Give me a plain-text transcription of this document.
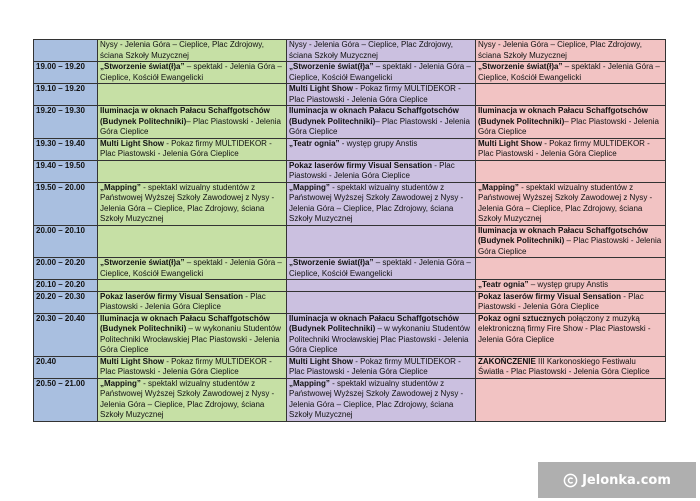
	Nysy - Jelenia Góra – Cieplice, Plac Zdrojowy, ściana Szkoły Muzycznej	Nysy - Jelenia Góra – Cieplice, Plac Zdrojowy, ściana Szkoły Muzycznej	Nysy - Jelenia Góra – Cieplice, Plac Zdrojowy, ściana Szkoły Muzycznej
19.00 – 19.20	„Stworzenie świat(ł)a” – spektakl - Jelenia Góra – Cieplice, Kościół Ewangelicki	„Stworzenie świat(ł)a” – spektakl - Jelenia Góra – Cieplice, Kościół Ewangelicki	„Stworzenie świat(ł)a” – spektakl - Jelenia Góra – Cieplice, Kościół Ewangelicki
19.10 – 19.20		Multi Light Show - Pokaz firmy MULTIDEKOR - Plac Piastowski - Jelenia Góra Cieplice	
19.20 – 19.30	Iluminacja w oknach Pałacu Schaffgotschów (Budynek Politechniki)– Plac Piastowski - Jelenia Góra Cieplice	Iluminacja w oknach Pałacu Schaffgotschów (Budynek Politechniki)– Plac Piastowski - Jelenia Góra Cieplice	Iluminacja w oknach Pałacu Schaffgotschów (Budynek Politechniki)– Plac Piastowski - Jelenia Góra Cieplice
19.30 – 19.40	Multi Light Show - Pokaz firmy MULTIDEKOR - Plac Piastowski - Jelenia Góra Cieplice	„Teatr ognia” - występ grupy Anstis	Multi Light Show - Pokaz firmy MULTIDEKOR - Plac Piastowski - Jelenia Góra Cieplice
19.40 – 19.50		Pokaz laserów firmy Visual Sensation - Plac Piastowski - Jelenia Góra Cieplice	
19.50 – 20.00	„Mapping” - spektakl wizualny studentów z Państwowej Wyższej Szkoły Zawodowej z Nysy - Jelenia Góra – Cieplice, Plac Zdrojowy, ściana Szkoły Muzycznej	„Mapping” - spektakl wizualny studentów z Państwowej Wyższej Szkoły Zawodowej z Nysy - Jelenia Góra – Cieplice, Plac Zdrojowy, ściana Szkoły Muzycznej	„Mapping” - spektakl wizualny studentów z Państwowej Wyższej Szkoły Zawodowej z Nysy - Jelenia Góra – Cieplice, Plac Zdrojowy, ściana Szkoły Muzycznej
20.00 – 20.10			Iluminacja w oknach Pałacu Schaffgotschów (Budynek Politechniki) – Plac Piastowski - Jelenia Góra Cieplice
20.00 – 20.20	„Stworzenie świat(ł)a” – spektakl - Jelenia Góra – Cieplice, Kościół Ewangelicki	„Stworzenie świat(ł)a” – spektakl - Jelenia Góra – Cieplice, Kościół Ewangelicki	
20.10 – 20.20			„Teatr ognia” – występ grupy Anstis
20.20 – 20.30	Pokaz laserów firmy Visual Sensation - Plac Piastowski - Jelenia Góra Cieplice		Pokaz laserów firmy Visual Sensation - Plac Piastowski - Jelenia Góra Cieplice
20.30 – 20.40	Iluminacja w oknach Pałacu Schaffgotschów (Budynek Politechniki) – w wykonaniu Studentów Politechniki Wrocławskiej Plac Piastowski - Jelenia Góra Cieplice	Iluminacja w oknach Pałacu Schaffgotschów (Budynek Politechniki) – w wykonaniu Studentów Politechniki Wrocławskiej Plac Piastowski - Jelenia Góra Cieplice	Pokaz ogni sztucznych połączony z muzyką elektroniczną firmy Fire Show - Plac Piastowski - Jelenia Góra Cieplice
20.40	Multi Light Show - Pokaz firmy MULTIDEKOR - Plac Piastowski - Jelenia Góra Cieplice	Multi Light Show - Pokaz firmy MULTIDEKOR - Plac Piastowski - Jelenia Góra Cieplice	ZAKOŃCZENIE III Karkonoskiego Festiwalu Światła - Plac Piastowski - Jelenia Góra Cieplice
20.50 – 21.00	„Mapping” - spektakl wizualny studentów z Państwowej Wyższej Szkoły Zawodowej z Nysy - Jelenia Góra – Cieplice, Plac Zdrojowy, ściana Szkoły Muzycznej	„Mapping” - spektakl wizualny studentów z Państwowej Wyższej Szkoły Zawodowej z Nysy - Jelenia Góra – Cieplice, Plac Zdrojowy, ściana Szkoły Muzycznej	
Jelonka.com
